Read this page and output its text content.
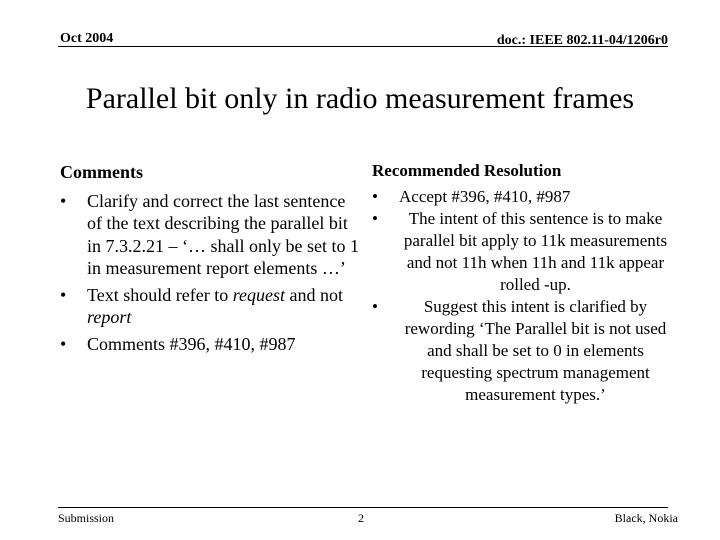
Oct 2004	doc.: IEEE 802.11-04/1206r0
Parallel bit only in radio measurement frames
Comments
• Clarify and correct the last sentence of the text describing the parallel bit in 7.3.2.21 – ‘… shall only be set to 1 in measurement report elements …’
• Text should refer to request and not report
• Comments #396, #410, #987
Recommended Resolution
• Accept #396, #410, #987
• The intent of this sentence is to make parallel bit apply to 11k measurements and not 11h when 11h and 11k appear rolled -up.
•	Suggest this intent is clarified by rewording ‘The Parallel bit is not used and shall be set to 0 in elements requesting spectrum management measurement types.’
Submission	2	Black, Nokia
